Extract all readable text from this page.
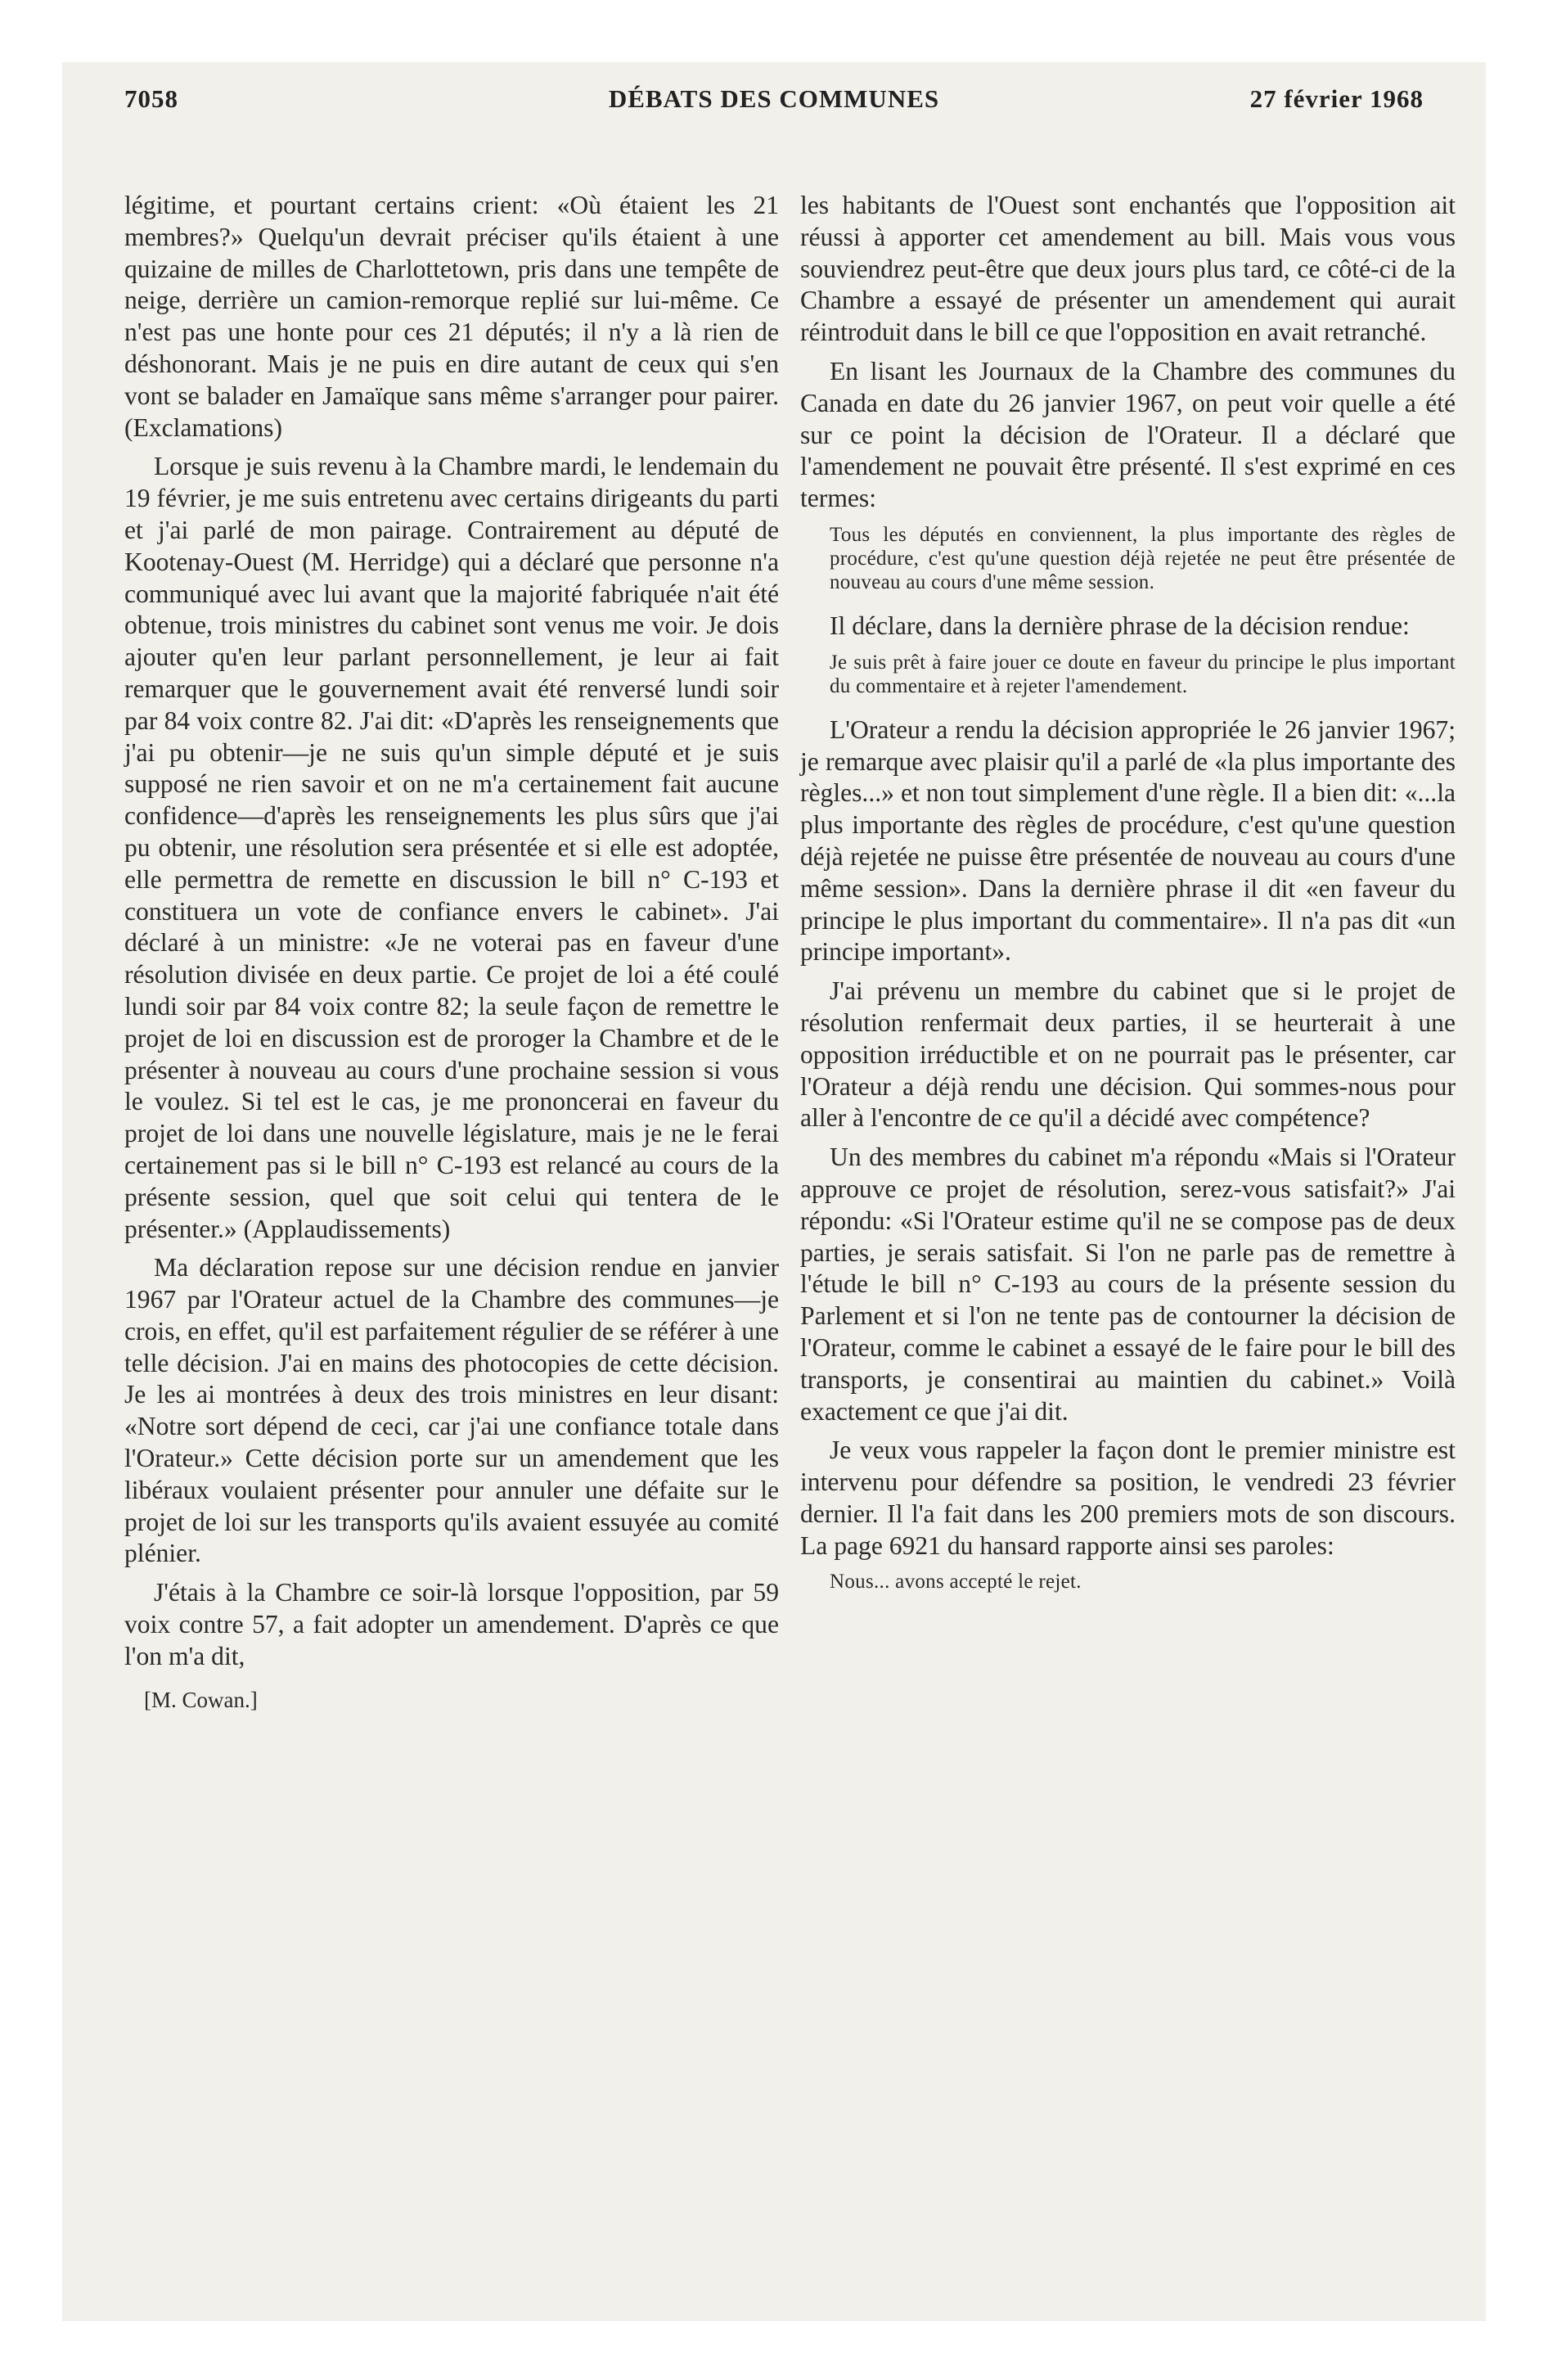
DÉBATS DES COMMUNES
7058	27 février 1968

légitime, et pourtant certains crient: «Où étaient les 21 membres?» Quelqu'un devrait préciser qu'ils étaient à une quizaine de milles de Charlottetown, pris dans une tempête de neige, derrière un camion-remorque replié sur lui-même. Ce n'est pas une honte pour ces 21 députés; il n'y a là rien de déshonorant. Mais je ne puis en dire autant de ceux qui s'en vont se balader en Jamaïque sans même s'arranger pour pairer. (Exclamations)

Lorsque je suis revenu à la Chambre mardi, le lendemain du 19 février, je me suis entretenu avec certains dirigeants du parti et j'ai parlé de mon pairage. Contrairement au député de Kootenay-Ouest (M. Herridge) qui a déclaré que personne n'a communiqué avec lui avant que la majorité fabriquée n'ait été obtenue, trois ministres du cabinet sont venus me voir. Je dois ajouter qu'en leur parlant personnellement, je leur ai fait remarquer que le gouvernement avait été renversé lundi soir par 84 voix contre 82. J'ai dit: «D'après les renseignements que j'ai pu obtenir—je ne suis qu'un simple député et je suis supposé ne rien savoir et on ne m'a certainement fait aucune confidence—d'après les renseignements les plus sûrs que j'ai pu obtenir, une résolution sera présentée et si elle est adoptée, elle permettra de remette en discussion le bill n° C-193 et constituera un vote de confiance envers le cabinet». J'ai déclaré à un ministre: «Je ne voterai pas en faveur d'une résolution divisée en deux partie. Ce projet de loi a été coulé lundi soir par 84 voix contre 82; la seule façon de remettre le projet de loi en discussion est de proroger la Chambre et de le présenter à nouveau au cours d'une prochaine session si vous le voulez. Si tel est le cas, je me prononcerai en faveur du projet de loi dans une nouvelle législature, mais je ne le ferai certainement pas si le bill n° C-193 est relancé au cours de la présente session, quel que soit celui qui tentera de le présenter.» (Applaudissements)

Ma déclaration repose sur une décision rendue en janvier 1967 par l'Orateur actuel de la Chambre des communes—je crois, en effet, qu'il est parfaitement régulier de se référer à une telle décision. J'ai en mains des photocopies de cette décision. Je les ai montrées à deux des trois ministres en leur disant: «Notre sort dépend de ceci, car j'ai une confiance totale dans l'Orateur.» Cette décision porte sur un amendement que les libéraux voulaient présenter pour annuler une défaite sur le projet de loi sur les transports qu'ils avaient essuyée au comité plénier.

J'étais à la Chambre ce soir-là lorsque l'opposition, par 59 voix contre 57, a fait adopter un amendement. D'après ce que l'on m'a dit,

[M. Cowan.]

les habitants de l'Ouest sont enchantés que l'opposition ait réussi à apporter cet amendement au bill. Mais vous vous souviendrez peut-être que deux jours plus tard, ce côté-ci de la Chambre a essayé de présenter un amendement qui aurait réintroduit dans le bill ce que l'opposition en avait retranché.

En lisant les Journaux de la Chambre des communes du Canada en date du 26 janvier 1967, on peut voir quelle a été sur ce point la décision de l'Orateur. Il a déclaré que l'amendement ne pouvait être présenté. Il s'est exprimé en ces termes:

Tous les députés en conviennent, la plus importante des règles de procédure, c'est qu'une question déjà rejetée ne peut être présentée de nouveau au cours d'une même session.

Il déclare, dans la dernière phrase de la décision rendue:

Je suis prêt à faire jouer ce doute en faveur du principe le plus important du commentaire et à rejeter l'amendement.

L'Orateur a rendu la décision appropriée le 26 janvier 1967; je remarque avec plaisir qu'il a parlé de «la plus importante des règles...» et non tout simplement d'une règle. Il a bien dit: «...la plus importante des règles de procédure, c'est qu'une question déjà rejetée ne puisse être présentée de nouveau au cours d'une même session». Dans la dernière phrase il dit «en faveur du principe le plus important du commentaire». Il n'a pas dit «un principe important».

J'ai prévenu un membre du cabinet que si le projet de résolution renfermait deux parties, il se heurterait à une opposition irréductible et on ne pourrait pas le présenter, car l'Orateur a déjà rendu une décision. Qui sommes-nous pour aller à l'encontre de ce qu'il a décidé avec compétence?

Un des membres du cabinet m'a répondu «Mais si l'Orateur approuve ce projet de résolution, serez-vous satisfait?» J'ai répondu: «Si l'Orateur estime qu'il ne se compose pas de deux parties, je serais satisfait. Si l'on ne parle pas de remettre à l'étude le bill n° C-193 au cours de la présente session du Parlement et si l'on ne tente pas de contourner la décision de l'Orateur, comme le cabinet a essayé de le faire pour le bill des transports, je consentirai au maintien du cabinet.» Voilà exactement ce que j'ai dit.

Je veux vous rappeler la façon dont le premier ministre est intervenu pour défendre sa position, le vendredi 23 février dernier. Il l'a fait dans les 200 premiers mots de son discours. La page 6921 du hansard rapporte ainsi ses paroles:

Nous... avons accepté le rejet.
